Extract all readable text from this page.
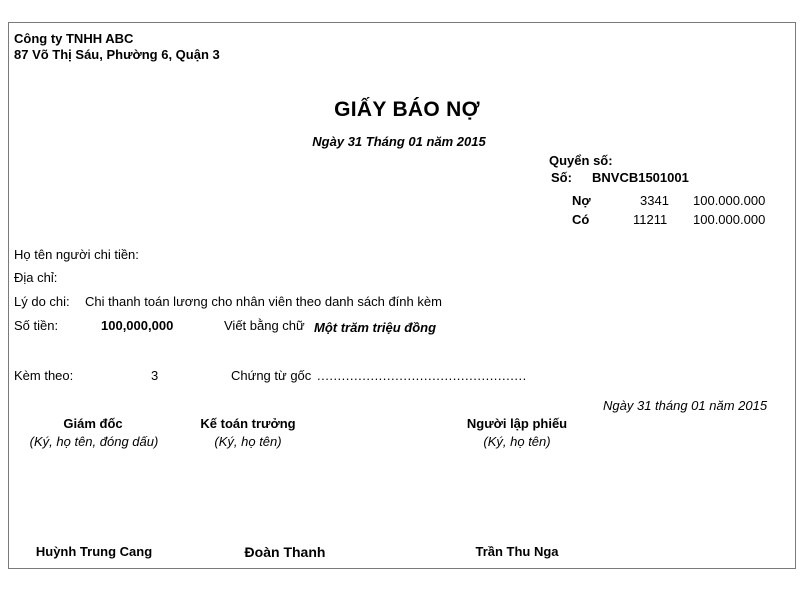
Công ty TNHH ABC
87 Võ Thị Sáu, Phường 6, Quận 3
GIẤY BÁO NỢ
Ngày 31 Tháng 01 năm 2015
Quyển số:
Số: BNVCB1501001
Nợ	3341 100.000.000
Có	11211 100.000.000
Họ tên người chi tiền:
Địa chỉ:
Lý do chi: Chi thanh toán lương cho nhân viên theo danh sách đính kèm
Số tiền:	100,000,000	Viết bằng chữ Một trăm triệu đồng
Kèm theo:	3	Chứng từ gốc ...................................................
Ngày 31 tháng 01 năm 2015
Giám đốc
(Ký, họ tên, đóng dấu)
Huỳnh Trung Cang
Kế toán trưởng
(Ký, họ tên)
Đoàn Thanh
Người lập phiếu
(Ký, họ tên)
Trần Thu Nga
